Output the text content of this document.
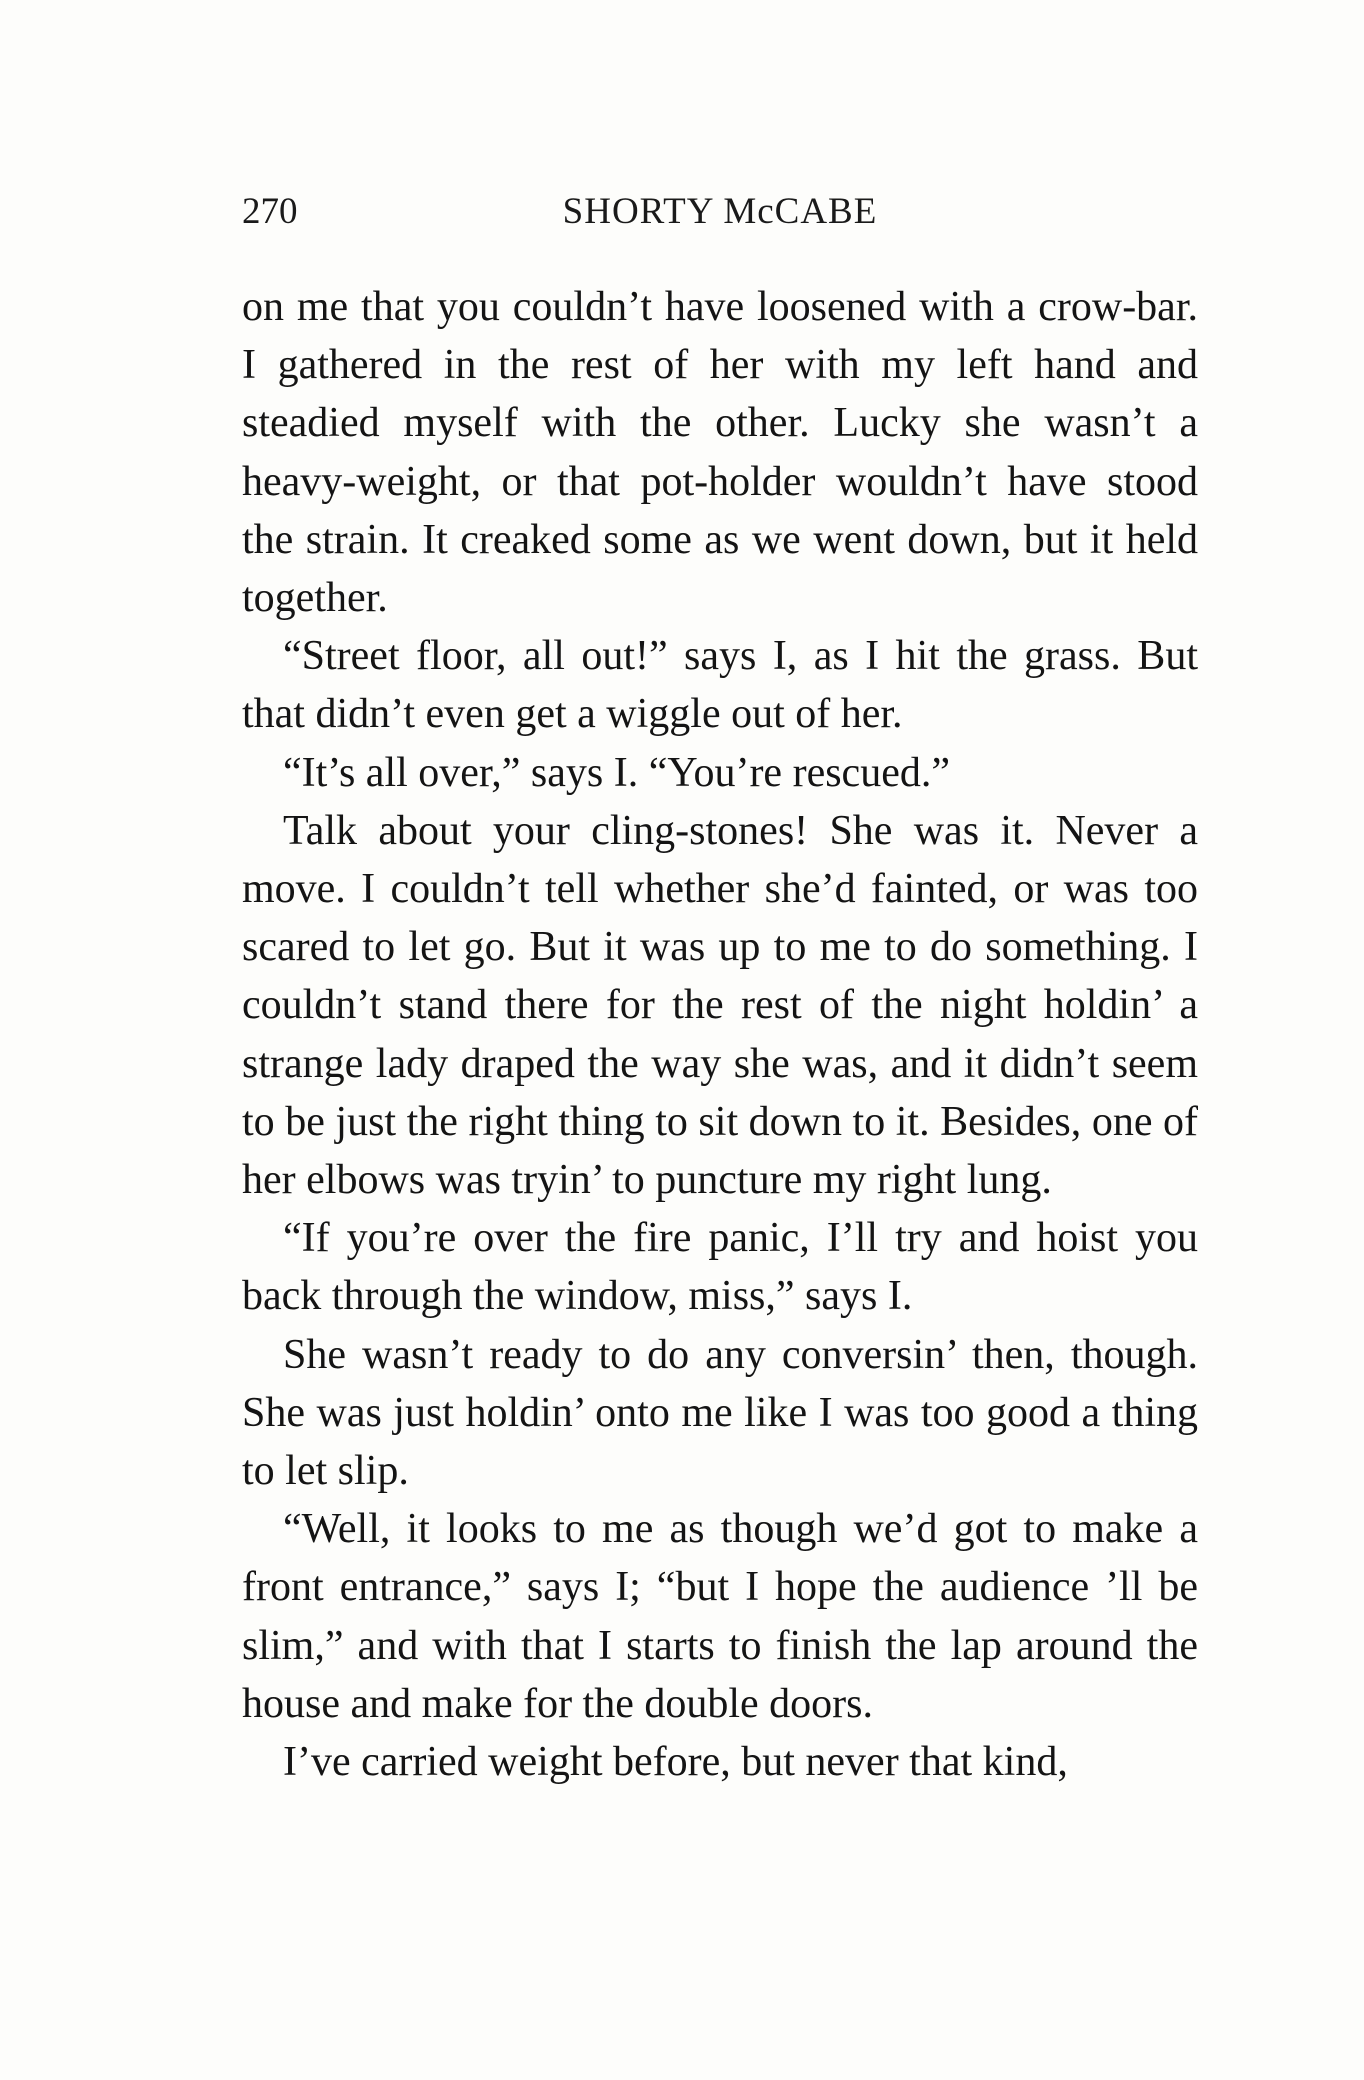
270	SHORTY McCABE

on me that you couldn’t have loosened with a crow-bar. I gathered in the rest of her with my left hand and steadied myself with the other. Lucky she wasn’t a heavy-weight, or that pot-holder wouldn’t have stood the strain. It creaked some as we went down, but it held together.

“Street floor, all out!” says I, as I hit the grass. But that didn’t even get a wiggle out of her.

“It’s all over,” says I. “You’re rescued.”

Talk about your cling-stones! She was it. Never a move. I couldn’t tell whether she’d fainted, or was too scared to let go. But it was up to me to do something. I couldn’t stand there for the rest of the night holdin’ a strange lady draped the way she was, and it didn’t seem to be just the right thing to sit down to it. Besides, one of her elbows was tryin’ to puncture my right lung.

“If you’re over the fire panic, I’ll try and hoist you back through the window, miss,” says I.

She wasn’t ready to do any conversin’ then, though. She was just holdin’ onto me like I was too good a thing to let slip.

“Well, it looks to me as though we’d got to make a front entrance,” says I; “but I hope the audience ’ll be slim,” and with that I starts to finish the lap around the house and make for the double doors.

I’ve carried weight before, but never that kind,
